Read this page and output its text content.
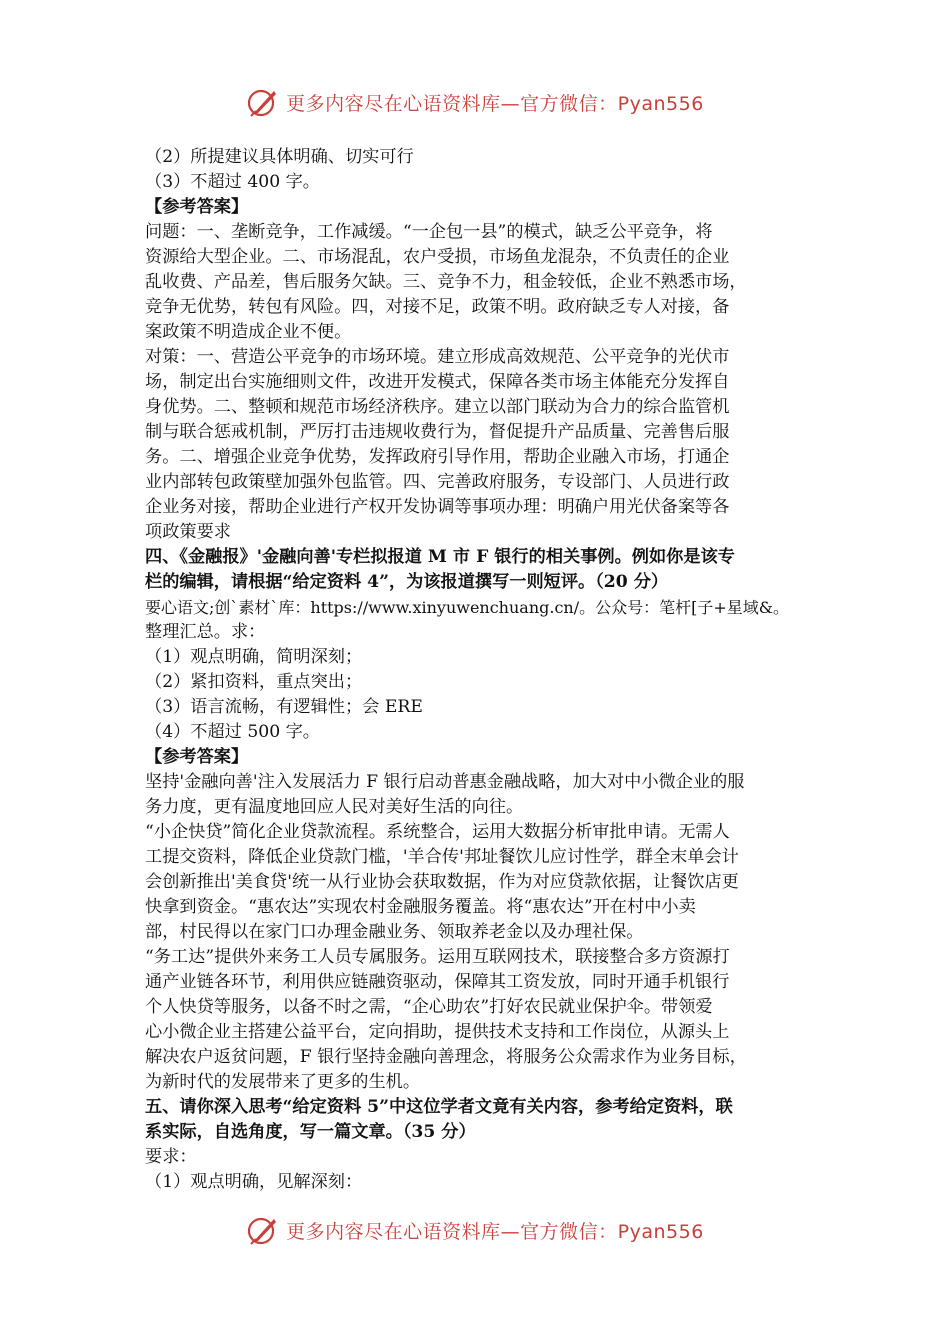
更多内容尽在心语资料库—官方微信：Pyan556
（2）所提建议具体明确、切实可行
（3）不超过 400 字。
【参考答案】
问题：一、垄断竞争，工作减缓。“一企包一县”的模式，缺乏公平竞争，将
资源给大型企业。二、市场混乱，农户受损，市场鱼龙混杂，不负责任的企业
乱收费、产品差，售后服务欠缺。三、竞争不力，租金较低，企业不熟悉市场，
竞争无优势，转包有风险。四，对接不足，政策不明。政府缺乏专人对接，备
案政策不明造成企业不便。
对策：一、营造公平竞争的市场环境。建立形成高效规范、公平竞争的光伏市
场，制定出台实施细则文件，改进开发模式，保障各类市场主体能充分发挥自
身优势。二、整顿和规范市场经济秩序。建立以部门联动为合力的综合监管机
制与联合惩戒机制，严厉打击违规收费行为，督促提升产品质量、完善售后服
务。二、增强企业竞争优势，发挥政府引导作用，帮助企业融入市场，打通企
业内部转包政策壁加强外包监管。四、完善政府服务，专设部门、人员进行政
企业务对接，帮助企业进行产权开发协调等事项办理：明确户用光伏备案等各
项政策要求
四、《金融报》'金融向善'专栏拟报道 M 市 F 银行的相关事例。例如你是该专
栏的编辑，请根据“给定资料 4”，为该报道撰写一则短评。（20 分）
要心语文;创`素材`库：https://www.xinyuwenchuang.cn/。公众号：笔杆[子+星域&。
整理汇总。求：
（1）观点明确，简明深刻；
（2）紧扣资料，重点突出；
（3）语言流畅，有逻辑性；会 ERE
（4）不超过 500 字。
【参考答案】
坚持'金融向善'注入发展活力 F 银行启动普惠金融战略，加大对中小微企业的服
务力度，更有温度地回应人民对美好生活的向往。
“小企快贷”简化企业贷款流程。系统整合，运用大数据分析审批申请。无需人
工提交资料，降低企业贷款门槛，'羊合传'邦址餐饮儿应讨性学，群全末单会计
会创新推出'美食贷'统一从行业协会获取数据，作为对应贷款依据，让餐饮店更
快拿到资金。“惠农达”实现农村金融服务覆盖。将“惠农达”开在村中小卖
部，村民得以在家门口办理金融业务、领取养老金以及办理社保。
“务工达”提供外来务工人员专属服务。运用互联网技术，联接整合多方资源打
通产业链各环节，利用供应链融资驱动，保障其工资发放，同时开通手机银行
个人快贷等服务，以备不时之需，“企心助农”打好农民就业保护伞。带领爱
心小微企业主搭建公益平台，定向捐助，提供技术支持和工作岗位，从源头上
解决农户返贫问题，F 银行坚持金融向善理念，将服务公众需求作为业务目标，
为新时代的发展带来了更多的生机。
五、请你深入思考“给定资料 5”中这位学者文竟有关内容，参考给定资料，联
系实际，自选角度，写一篇文章。（35 分）
要求：
（1）观点明确，见解深刻：
更多内容尽在心语资料库—官方微信：Pyan556
